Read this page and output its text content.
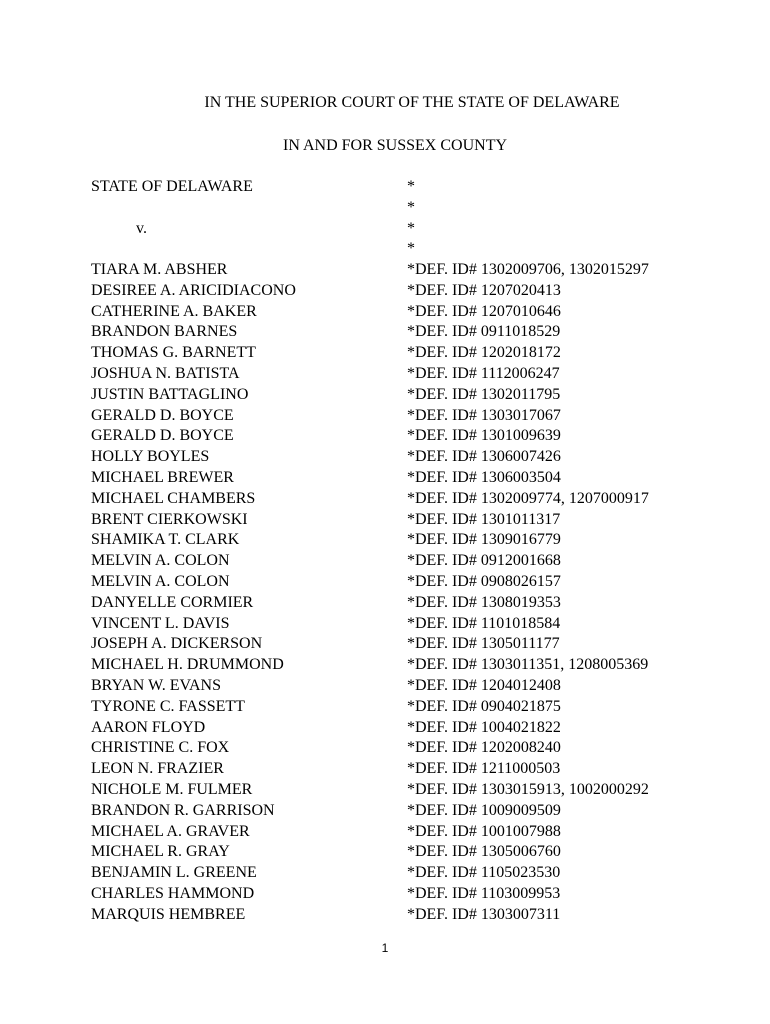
IN THE SUPERIOR COURT OF THE STATE OF DELAWARE
IN AND FOR SUSSEX COUNTY
STATE OF DELAWARE	*
*
v.	*
*
TIARA M. ABSHER	*DEF. ID# 1302009706, 1302015297
DESIREE A. ARICIDIACONO	*DEF. ID# 1207020413
CATHERINE A. BAKER	*DEF. ID# 1207010646
BRANDON BARNES	*DEF. ID# 0911018529
THOMAS G. BARNETT	*DEF. ID# 1202018172
JOSHUA N. BATISTA	*DEF. ID# 1112006247
JUSTIN BATTAGLINO	*DEF. ID# 1302011795
GERALD D. BOYCE	*DEF. ID# 1303017067
GERALD D. BOYCE	*DEF. ID# 1301009639
HOLLY BOYLES	*DEF. ID# 1306007426
MICHAEL BREWER	*DEF. ID# 1306003504
MICHAEL CHAMBERS	*DEF. ID# 1302009774, 1207000917
BRENT CIERKOWSKI	*DEF. ID# 1301011317
SHAMIKA T. CLARK	*DEF. ID# 1309016779
MELVIN A. COLON	*DEF. ID# 0912001668
MELVIN A. COLON	*DEF. ID# 0908026157
DANYELLE CORMIER	*DEF. ID# 1308019353
VINCENT L. DAVIS	*DEF. ID# 1101018584
JOSEPH A. DICKERSON	*DEF. ID# 1305011177
MICHAEL H. DRUMMOND	*DEF. ID# 1303011351, 1208005369
BRYAN W. EVANS	*DEF. ID# 1204012408
TYRONE C. FASSETT	*DEF. ID# 0904021875
AARON FLOYD	*DEF. ID# 1004021822
CHRISTINE C. FOX	*DEF. ID# 1202008240
LEON N. FRAZIER	*DEF. ID# 1211000503
NICHOLE M. FULMER	*DEF. ID# 1303015913, 1002000292
BRANDON R. GARRISON	*DEF. ID# 1009009509
MICHAEL A. GRAVER	*DEF. ID# 1001007988
MICHAEL R. GRAY	*DEF. ID# 1305006760
BENJAMIN L. GREENE	*DEF. ID# 1105023530
CHARLES HAMMOND	*DEF. ID# 1103009953
MARQUIS HEMBREE	*DEF. ID# 1303007311
1
